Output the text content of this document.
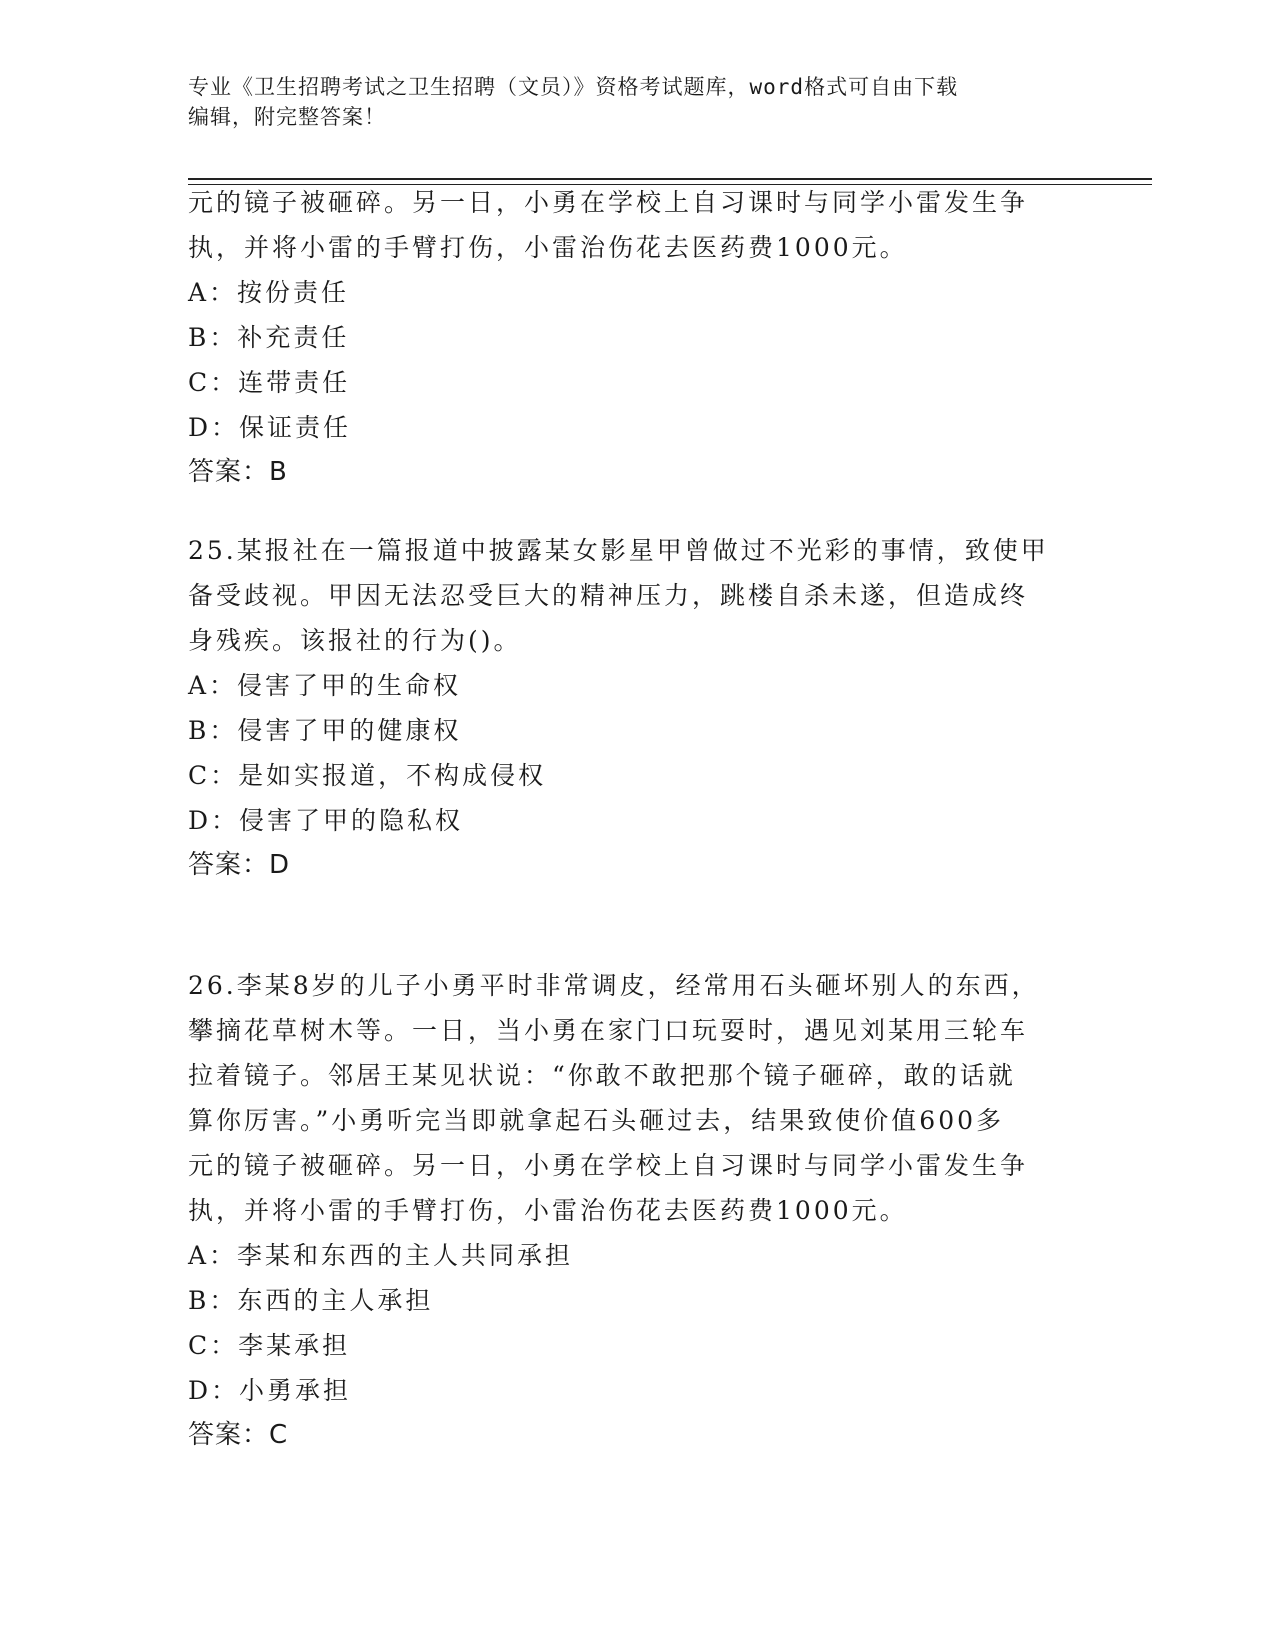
专业《卫生招聘考试之卫生招聘（文员）》资格考试题库，word格式可自由下载
编辑，附完整答案！
元的镜子被砸碎。另一日，小勇在学校上自习课时与同学小雷发生争
执，并将小雷的手臂打伤，小雷治伤花去医药费1000元。
A：按份责任
B：补充责任
C：连带责任
D：保证责任
答案：B
25.某报社在一篇报道中披露某女影星甲曾做过不光彩的事情，致使甲
备受歧视。甲因无法忍受巨大的精神压力，跳楼自杀未遂，但造成终
身残疾。该报社的行为()。
A：侵害了甲的生命权
B：侵害了甲的健康权
C：是如实报道，不构成侵权
D：侵害了甲的隐私权
答案：D
26.李某8岁的儿子小勇平时非常调皮，经常用石头砸坏别人的东西，
攀摘花草树木等。一日，当小勇在家门口玩耍时，遇见刘某用三轮车
拉着镜子。邻居王某见状说：“你敢不敢把那个镜子砸碎，敢的话就
算你厉害。”小勇听完当即就拿起石头砸过去，结果致使价值600多
元的镜子被砸碎。另一日，小勇在学校上自习课时与同学小雷发生争
执，并将小雷的手臂打伤，小雷治伤花去医药费1000元。
A：李某和东西的主人共同承担
B：东西的主人承担
C：李某承担
D：小勇承担
答案：C
